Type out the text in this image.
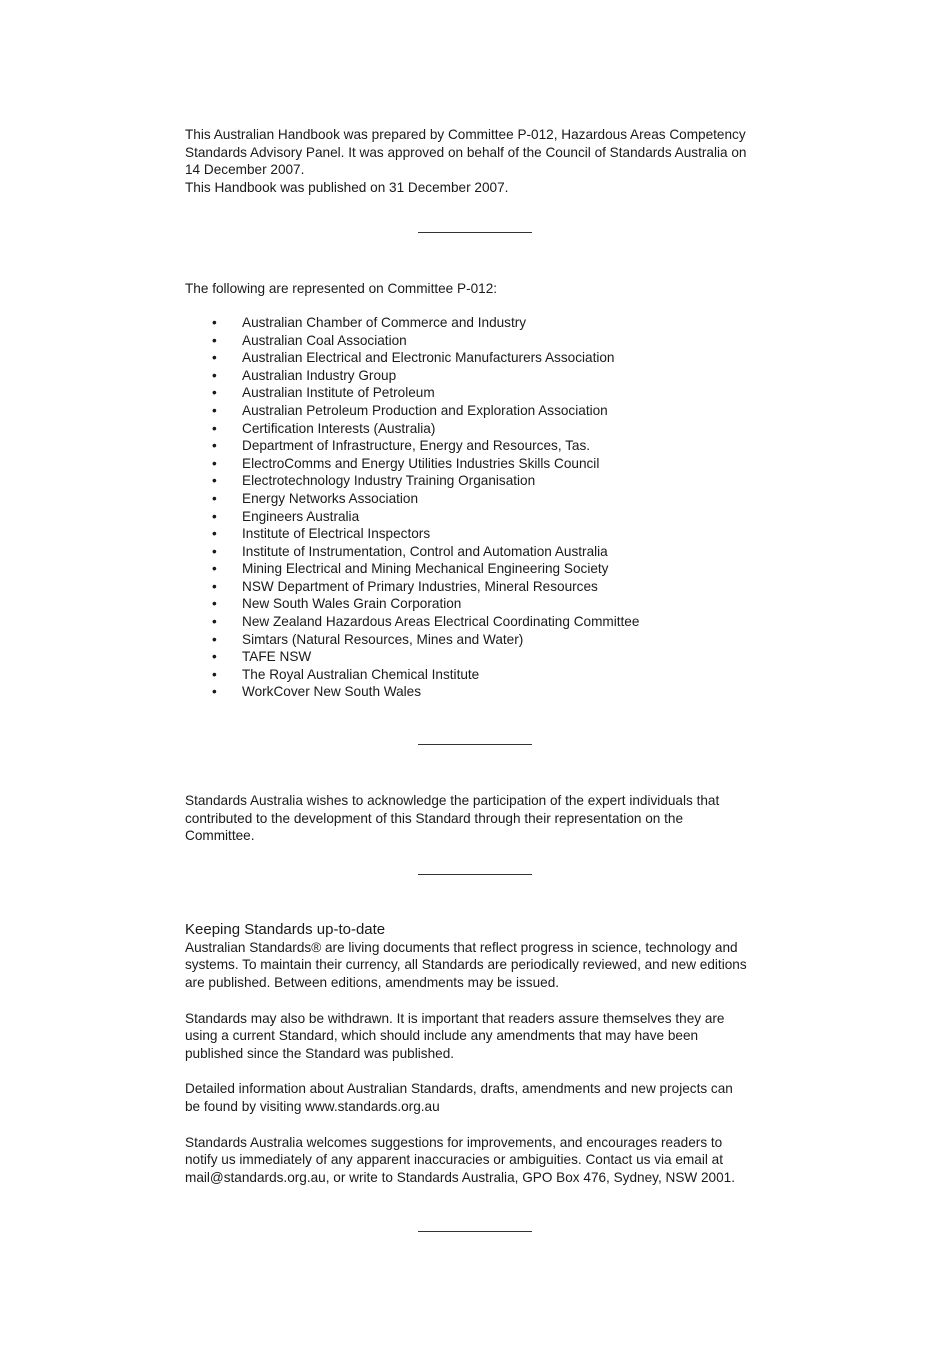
This Australian Handbook was prepared by Committee P-012, Hazardous Areas Competency

Standards Advisory Panel. It was approved on behalf of the Council of Standards Australia on

14 December 2007.

This Handbook was published on 31 December 2007.

The following are represented on Committee P-012:

• Australian Chamber of Commerce and Industry
• Australian Coal Association
• Australian Electrical and Electronic Manufacturers Association
• Australian Industry Group
• Australian Institute of Petroleum
• Australian Petroleum Production and Exploration Association
• Certification Interests (Australia)
• Department of Infrastructure, Energy and Resources, Tas.
• ElectroComms and Energy Utilities Industries Skills Council
• Electrotechnology Industry Training Organisation
• Energy Networks Association
• Engineers Australia
• Institute of Electrical Inspectors
• Institute of Instrumentation, Control and Automation Australia
• Mining Electrical and Mining Mechanical Engineering Society
• NSW Department of Primary Industries, Mineral Resources
• New South Wales Grain Corporation
• New Zealand Hazardous Areas Electrical Coordinating Committee
• Simtars (Natural Resources, Mines and Water)
• TAFE NSW
• The Royal Australian Chemical Institute
• WorkCover New South Wales

Standards Australia wishes to acknowledge the participation of the expert individuals that

contributed to the development of this Standard through their representation on the

Committee.

Keeping Standards up-to-date

Australian Standards® are living documents that reflect progress in science, technology and

systems. To maintain their currency, all Standards are periodically reviewed, and new editions

are published. Between editions, amendments may be issued.

Standards may also be withdrawn. It is important that readers assure themselves they are

using a current Standard, which should include any amendments that may have been

published since the Standard was published.

Detailed information about Australian Standards, drafts, amendments and new projects can

be found by visiting www.standards.org.au

Standards Australia welcomes suggestions for improvements, and encourages readers to

notify us immediately of any apparent inaccuracies or ambiguities. Contact us via email at

mail@standards.org.au, or write to Standards Australia, GPO Box 476, Sydney, NSW 2001.
